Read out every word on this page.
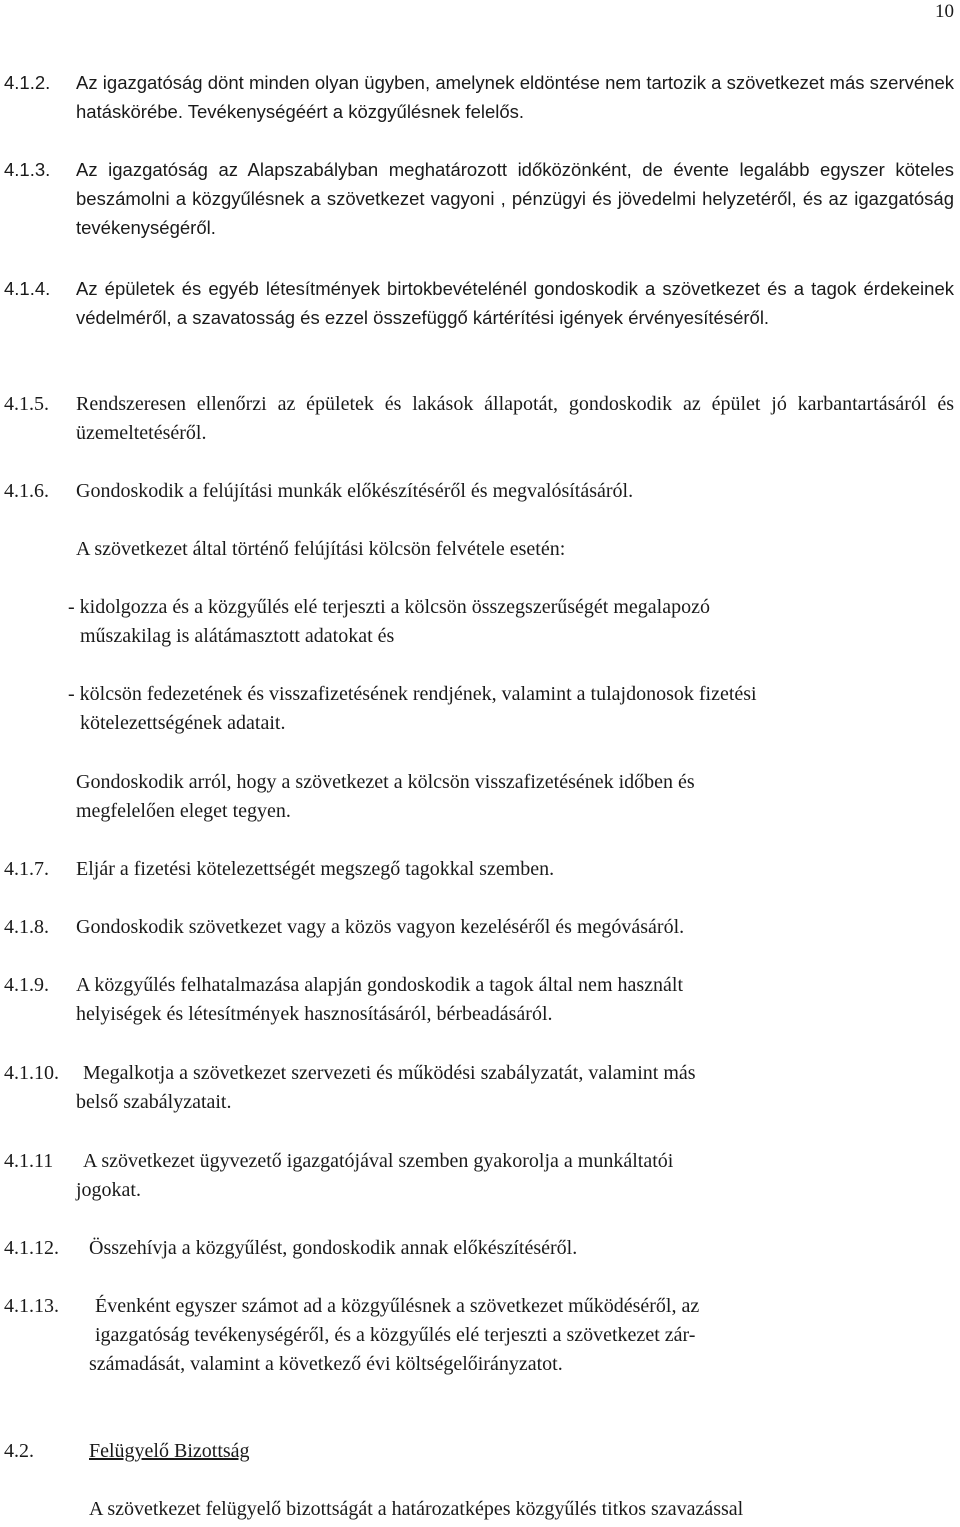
10
4.1.2. Az igazgatóság dönt minden olyan ügyben, amelynek eldöntése nem tartozik a szövetkezet más szervének hatáskörébe. Tevékenységéért a közgyűlésnek felelős.
4.1.3. Az igazgatóság az Alapszabályban meghatározott időközönként, de évente legalább egyszer köteles beszámolni a közgyűlésnek a szövetkezet vagyoni , pénzügyi és jövedelmi helyzetéről, és az igazgatóság tevékenységéről.
4.1.4. Az épületek és egyéb létesítmények birtokbevételénél gondoskodik a szövetkezet és a tagok érdekeinek védelméről, a szavatosság és ezzel összefüggő kártérítési igények érvényesítéséről.
4.1.5. Rendszeresen ellenőrzi az épületek és lakások állapotát, gondoskodik az épület jó karbantartásáról és üzemeltetéséről.
4.1.6. Gondoskodik a felújítási munkák előkészítéséről és megvalósításáról.
A szövetkezet által történő felújítási kölcsön felvétele esetén:
- kidolgozza és a közgyűlés elé terjeszti a kölcsön összegszerűségét megalapozó
műszakilag is alátámasztott adatokat és
- kölcsön fedezetének és visszafizetésének rendjének, valamint a tulajdonosok fizetési
kötelezettségének adatait.
Gondoskodik arról, hogy a szövetkezet a kölcsön visszafizetésének időben és
megfelelően eleget tegyen.
4.1.7. Eljár a fizetési kötelezettségét megszegő tagokkal szemben.
4.1.8. Gondoskodik szövetkezet vagy a közös vagyon kezeléséről és megóvásáról.
4.1.9. A közgyűlés felhatalmazása alapján gondoskodik a tagok által nem használt
helyiségek és létesítmények hasznosításáról, bérbeadásáról.
4.1.10. Megalkotja a szövetkezet szervezeti és működési szabályzatát, valamint más
belső szabályzatait.
4.1.11 A szövetkezet ügyvezető igazgatójával szemben gyakorolja a munkáltatói
jogokat.
4.1.12. Összehívja a közgyűlést, gondoskodik annak előkészítéséről.
4.1.13. Évenként egyszer számot ad a közgyűlésnek a szövetkezet működéséről, az
igazgatóság tevékenységéről, és a közgyűlés elé terjeszti a szövetkezet zár-
számadását, valamint a következő évi költségelőirányzatot.
4.2.	Felügyelő Bizottság
A szövetkezet felügyelő bizottságát a határozatképes közgyűlés titkos szavazással
